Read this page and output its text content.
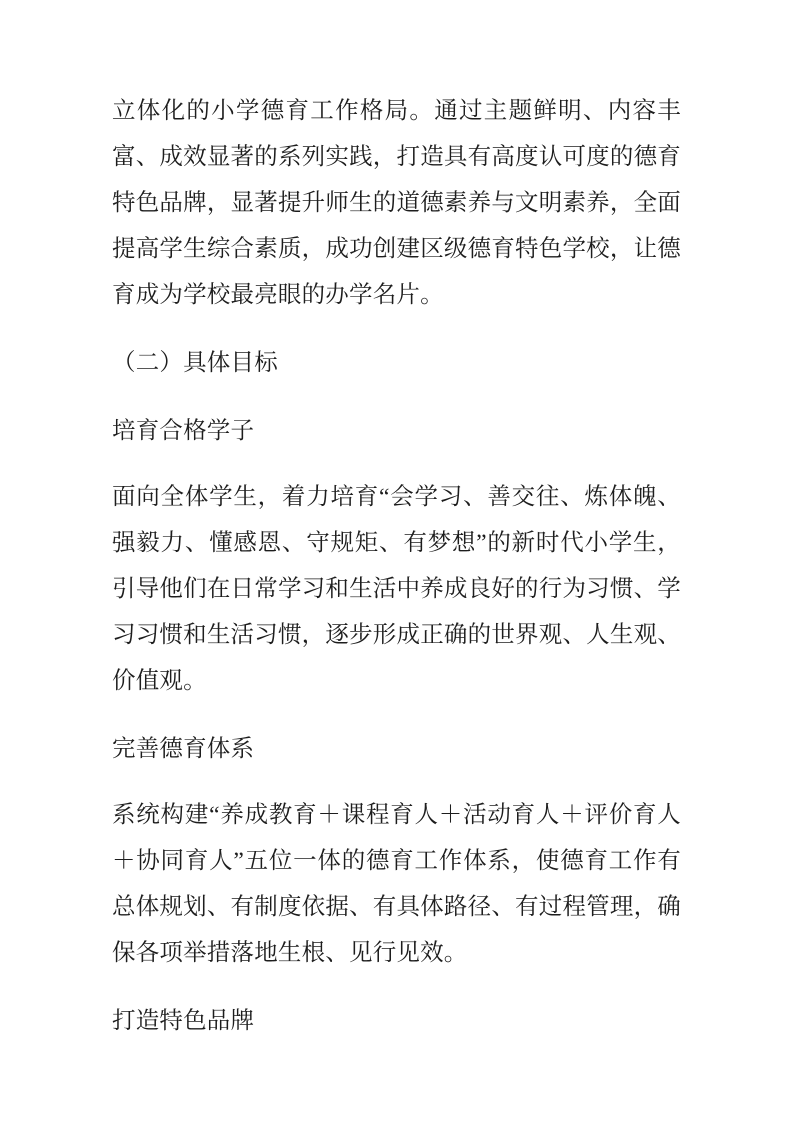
立体化的小学德育工作格局。通过主题鲜明、内容丰富、成效显著的系列实践，打造具有高度认可度的德育特色品牌，显著提升师生的道德素养与文明素养，全面提高学生综合素质，成功创建区级德育特色学校，让德育成为学校最亮眼的办学名片。

（二）具体目标

培育合格学子

面向全体学生，着力培育“会学习、善交往、炼体魄、强毅力、懂感恩、守规矩、有梦想”的新时代小学生，引导他们在日常学习和生活中养成良好的行为习惯、学习习惯和生活习惯，逐步形成正确的世界观、人生观、价值观。

完善德育体系

系统构建“养成教育＋课程育人＋活动育人＋评价育人＋协同育人”五位一体的德育工作体系，使德育工作有总体规划、有制度依据、有具体路径、有过程管理，确保各项举措落地生根、见行见效。

打造特色品牌
